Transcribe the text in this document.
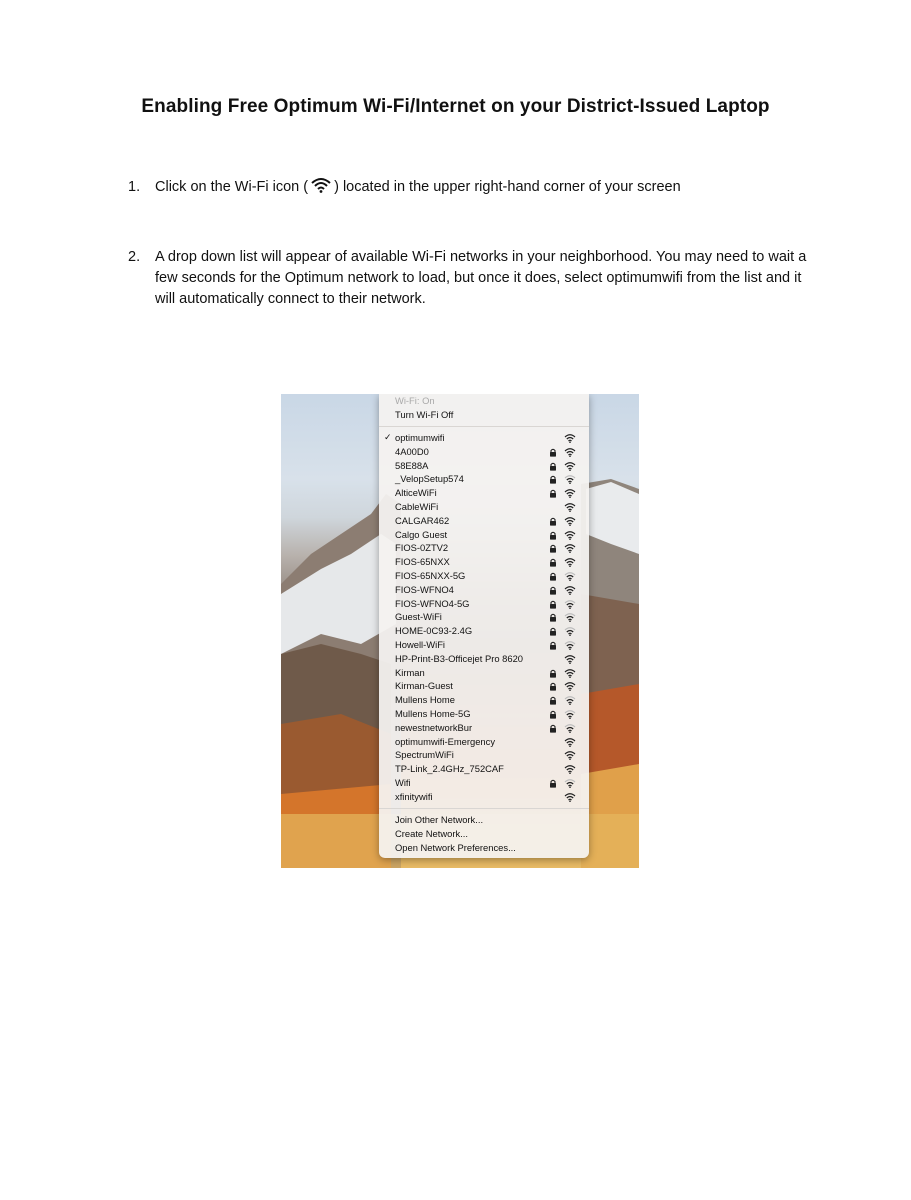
Enabling Free Optimum Wi-Fi/Internet on your District-Issued Laptop
1. Click on the Wi-Fi icon ( ) located in the upper right-hand corner of your screen
2. A drop down list will appear of available Wi-Fi networks in your neighborhood. You may need to wait a few seconds for the Optimum network to load, but once it does, select optimumwifi from the list and it will automatically connect to their network.
Wi-Fi: On
Turn Wi-Fi Off
✓ optimumwifi
4A00D0
58E88A
_VelopSetup574
AlticeWiFi
CableWiFi
CALGAR462
Calgo Guest
FIOS-0ZTV2
FIOS-65NXX
FIOS-65NXX-5G
FIOS-WFNO4
FIOS-WFNO4-5G
Guest-WiFi
HOME-0C93-2.4G
Howell-WiFi
HP-Print-B3-Officejet Pro 8620
Kirman
Kirman-Guest
Mullens Home
Mullens Home-5G
newestnetworkBur
optimumwifi-Emergency
SpectrumWiFi
TP-Link_2.4GHz_752CAF
Wifi
xfinitywifi
Join Other Network...
Create Network...
Open Network Preferences...
